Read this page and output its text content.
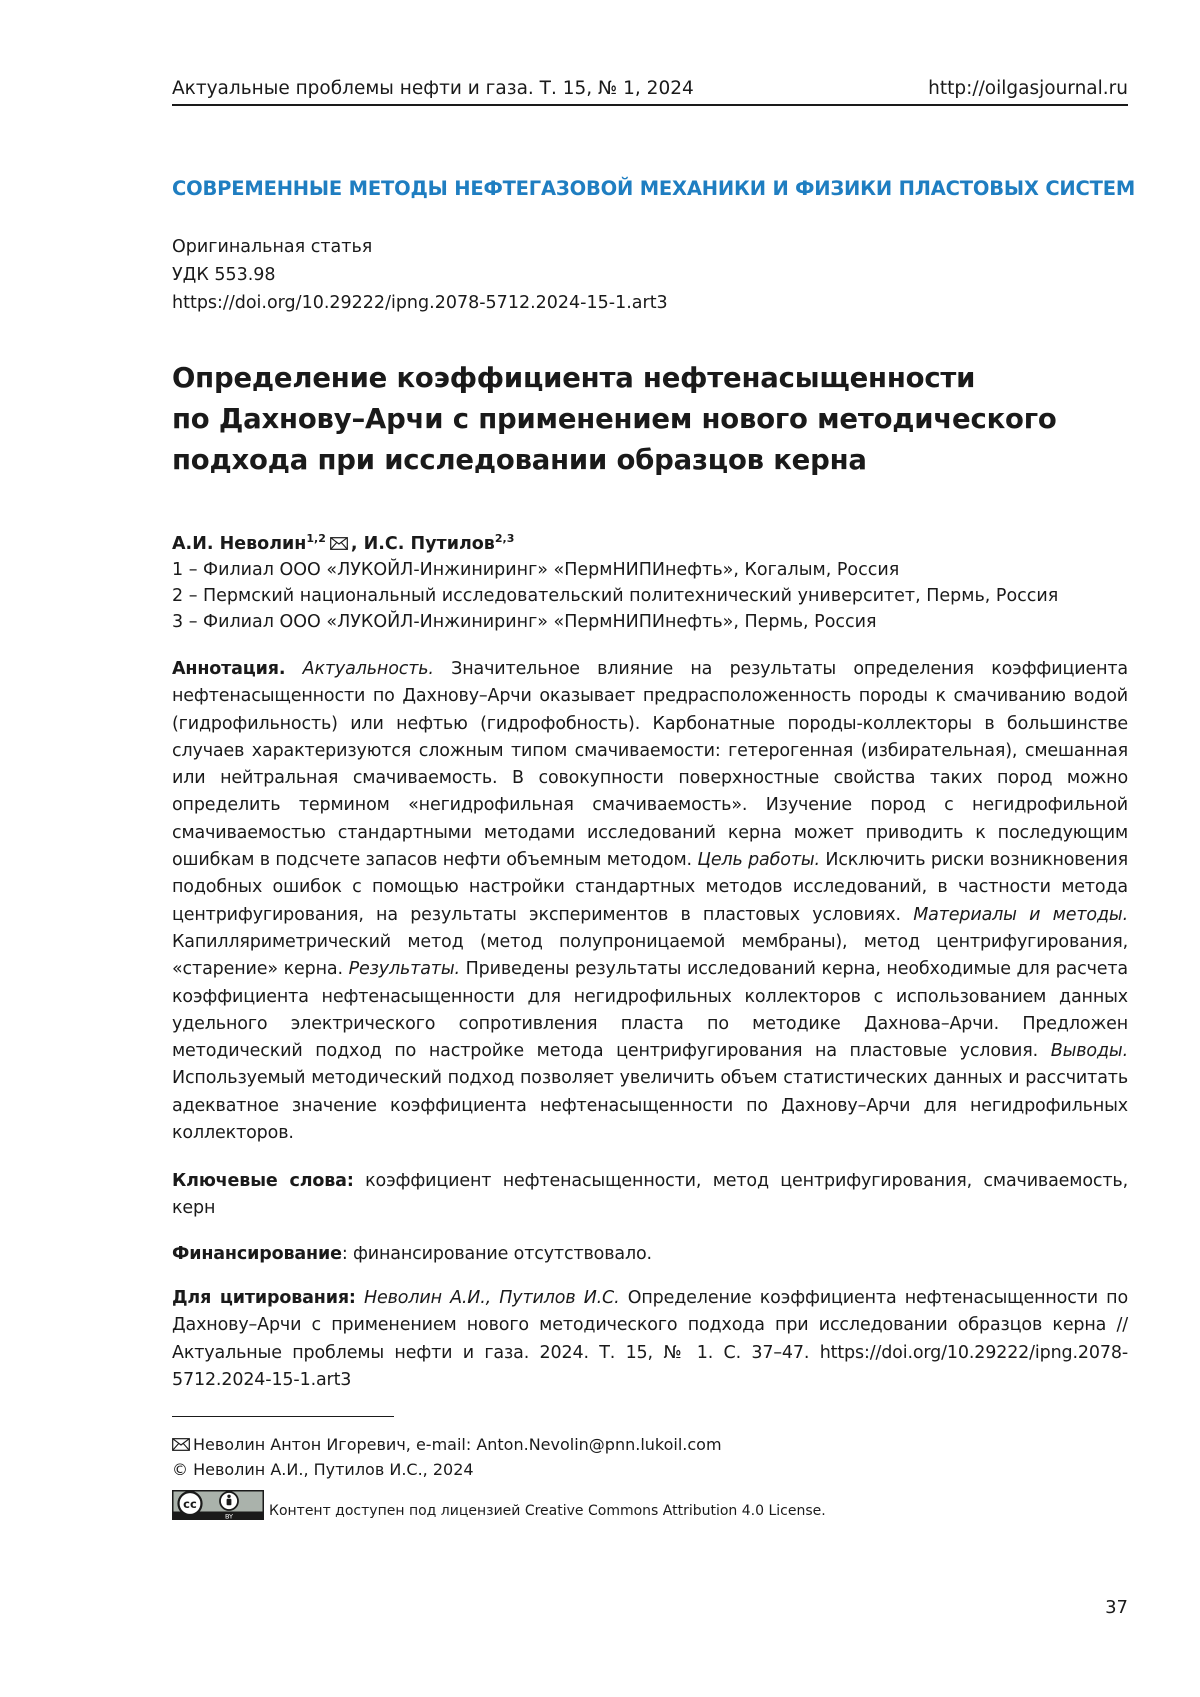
Актуальные проблемы нефти и газа. Т. 15, № 1, 2024	http://oilgasjournal.ru
СОВРЕМЕННЫЕ МЕТОДЫ НЕФТЕГАЗОВОЙ МЕХАНИКИ И ФИЗИКИ ПЛАСТОВЫХ СИСТЕМ
Оригинальная статья
УДК 553.98
https://doi.org/10.29222/ipng.2078-5712.2024-15-1.art3
Определение коэффициента нефтенасыщенности
по Дахнову–Арчи с применением нового методического
подхода при исследовании образцов керна
А.И. Неволин1,2 , И.С. Путилов2,3
1 – Филиал ООО «ЛУКОЙЛ-Инжиниринг» «ПермНИПИнефть», Когалым, Россия
2 – Пермский национальный исследовательский политехнический университет, Пермь, Россия
3 – Филиал ООО «ЛУКОЙЛ-Инжиниринг» «ПермНИПИнефть», Пермь, Россия

Аннотация. Актуальность. Значительное влияние на результаты определения коэффициента нефтенасыщенности по Дахнову–Арчи оказывает предрасположенность породы к смачиванию водой (гидрофильность) или нефтью (гидрофобность). Карбонатные породы-коллекторы в большинстве случаев характеризуются сложным типом смачиваемости: гетерогенная (избирательная), смешанная или нейтральная смачиваемость. В совокупности поверхностные свойства таких пород можно определить термином «негидрофильная смачиваемость». Изучение пород с негидрофильной смачиваемостью стандартными методами исследований керна может приводить к последующим ошибкам в подсчете запасов нефти объемным методом. Цель работы. Исключить риски возникновения подобных ошибок с помощью настройки стандартных методов исследований, в частности метода центрифугирования, на результаты экспериментов в пластовых условиях. Материалы и методы. Капилляриметрический метод (метод полупроницаемой мембраны), метод центрифугирования, «старение» керна. Результаты. Приведены результаты исследований керна, необходимые для расчета коэффициента нефтенасыщенности для негидрофильных коллекторов с использованием данных удельного электрического сопротивления пласта по методике Дахнова–Арчи. Предложен методический подход по настройке метода центрифугирования на пластовые условия. Выводы. Используемый методический подход позволяет увеличить объем статистических данных и рассчитать адекватное значение коэффициента нефтенасыщенности по Дахнову–Арчи для негидрофильных коллекторов.

Ключевые слова: коэффициент нефтенасыщенности, метод центрифугирования, смачиваемость, керн

Финансирование: финансирование отсутствовало.

Для цитирования: Неволин А.И., Путилов И.С. Определение коэффициента нефтенасыщенности по Дахнову–Арчи с применением нового методического подхода при исследовании образцов керна // Актуальные проблемы нефти и газа. 2024. Т. 15, № 1. С. 37–47. https://doi.org/10.29222/ipng.2078-5712.2024-15-1.art3

Неволин Антон Игоревич, e-mail: Anton.Nevolin@pnn.lukoil.com
© Неволин А.И., Путилов И.С., 2024
cc
BY	Контент доступен под лицензией Creative Commons Attribution 4.0 License.
37
